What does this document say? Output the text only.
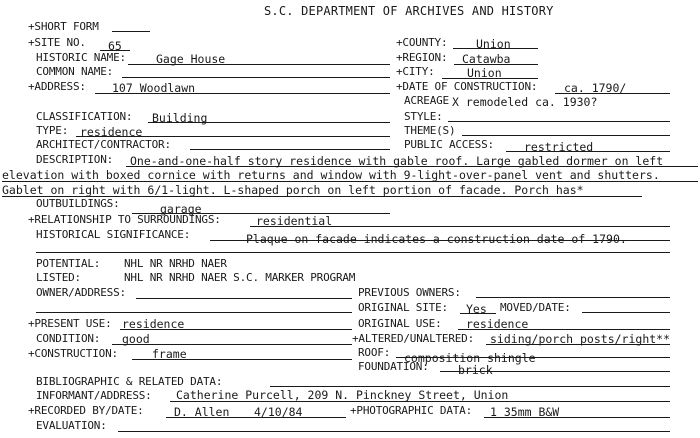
S.C. DEPARTMENT OF ARCHIVES AND HISTORY
+SHORT FORM
+SITE NO. 65	+COUNTY: Union
HISTORIC NAME:	Gage House	+REGION: Catawba
COMMON NAME:	+CITY:	Union
+ADDRESS: 107 Woodlawn	+DATE OF CONSTRUCTION: ca. 1790/
ACREAGE X remodeled ca. 1930?
CLASSIFICATION: Building	STYLE:
TYPE: residence	THEME(S)
ARCHITECT/CONTRACTOR:	PUBLIC ACCESS:	restricted
DESCRIPTION: One-and-one-half story residence with gable roof. Large gabled dormer on left
elevation with boxed cornice with returns and window with 9-light-over-panel vent and shutters.
Gablet on right with 6/1-light. L-shaped porch on left portion of facade. Porch has*
OUTBUILDINGS:	garage
+RELATIONSHIP TO SURROUNDINGS:	residential
HISTORICAL SIGNIFICANCE:	Plaque on facade indicates a construction date of 1790.
POTENTIAL: NHL NR NRHD NAER
LISTED:	NHL NR NRHD NAER S.C. MARKER PROGRAM
OWNER/ADDRESS:	PREVIOUS OWNERS:
ORIGINAL SITE: Yes MOVED/DATE:
+PRESENT USE: residence	ORIGINAL USE: residence
CONDITION: good	+ALTERED/UNALTERED: siding/porch posts/right**
+CONSTRUCTION:	frame	ROOF: composition shingle
FOUNDATION:	brick
BIBLIOGRAPHIC & RELATED DATA:
INFORMANT/ADDRESS: Catherine Purcell, 209 N. Pinckney Street, Union
+RECORDED BY/DATE:	D. Allen 4/10/84	+PHOTOGRAPHIC DATA: 1 35mm B&W
EVALUATION:
